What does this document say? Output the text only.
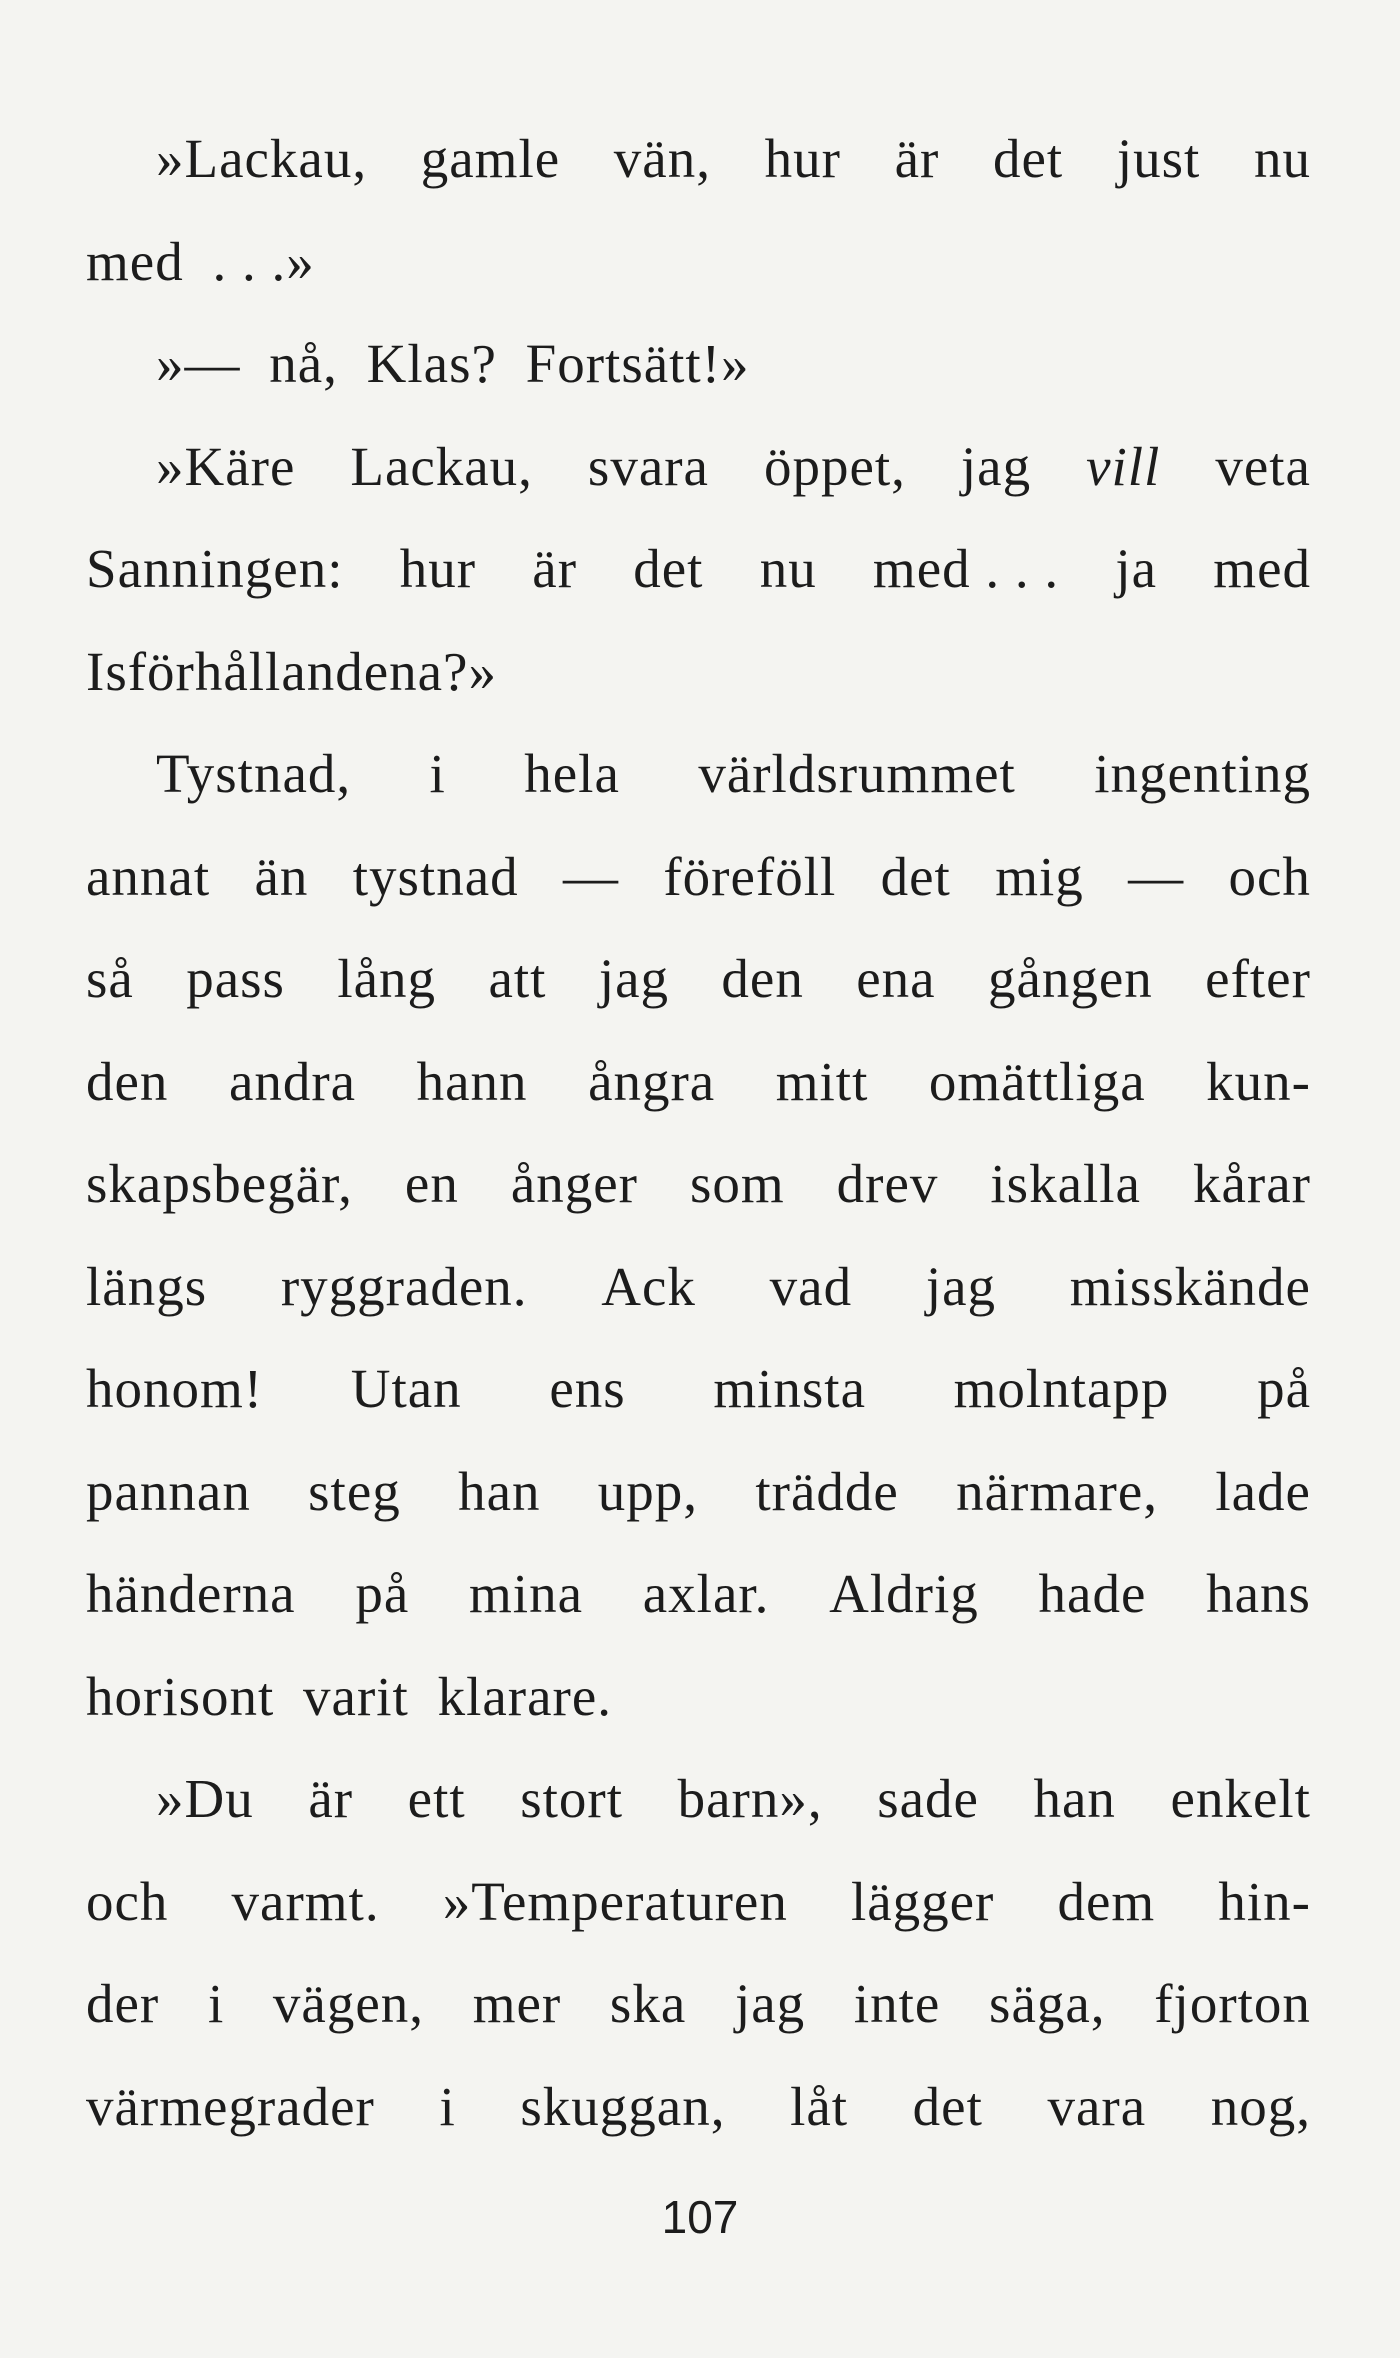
»Lackau, gamle vän, hur är det just nu
med
. . .»
»—
nå,
Klas?
Fortsätt!»
»Käre Lackau, svara öppet, jag vill veta
Sanningen: hur är det nu med . . . ja med
Isförhållandena?»
Tystnad, i hela världsrummet ingenting
annat än tystnad — föreföll det mig — och
så pass lång att jag den ena gången efter
den andra hann ångra mitt omättliga kun-
skapsbegär, en ånger som drev iskalla kårar
längs ryggraden. Ack vad jag misskände
honom! Utan ens minsta molntapp på
pannan steg han upp, trädde närmare, lade
händerna på mina axlar. Aldrig hade hans
horisont
varit
klarare.
»Du är ett stort barn», sade han enkelt
och varmt. »Temperaturen lägger dem hin-
der i vägen, mer ska jag inte säga, fjorton
värmegrader i skuggan, låt det vara nog,
107
